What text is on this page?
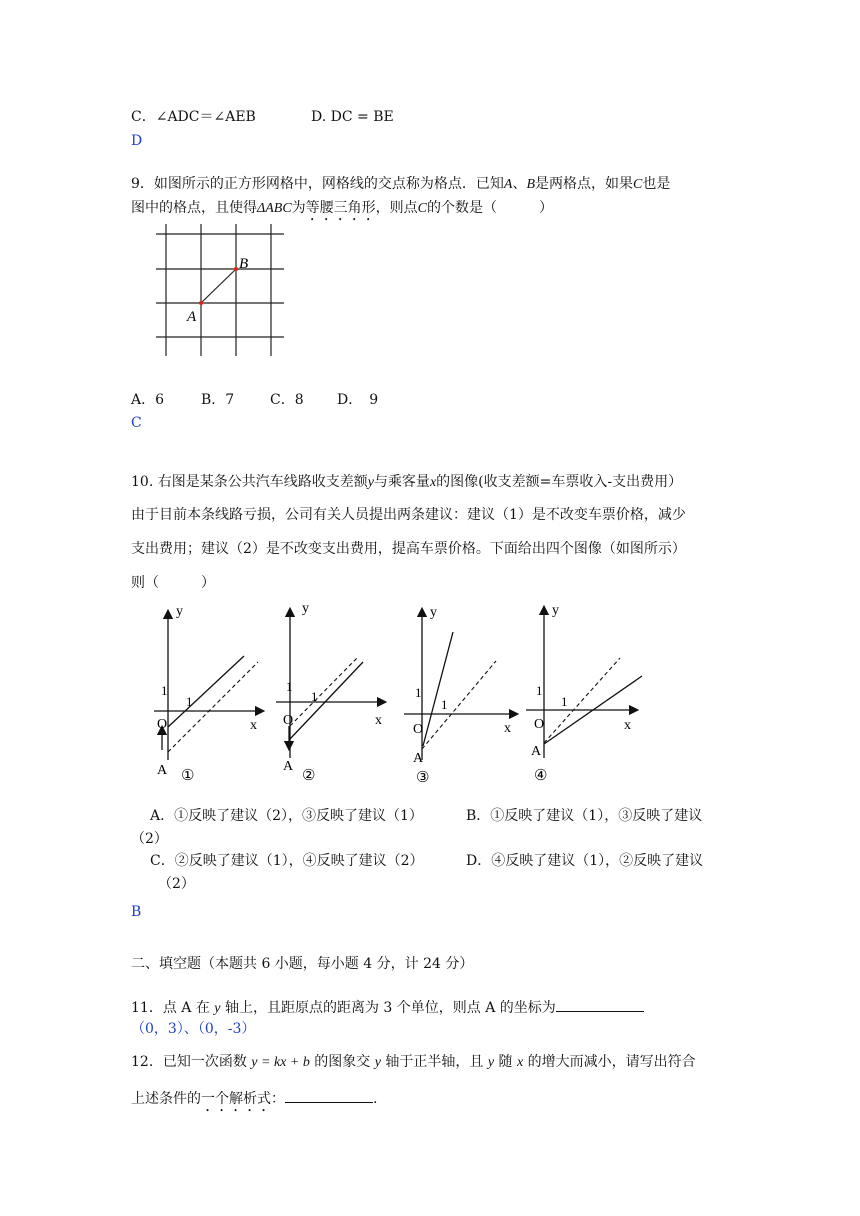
C．∠ADC＝∠AEB	D. DC = BE
D
9．如图所示的正方形网格中，网格线的交点称为格点．已知A、B是两格点，如果C也是
图中的格点，且使得ΔABC为等腰三角形，则点C的个数是（　　　）
A
B
A．6	B．7	C．8 D．　9
C
10. 右图是某条公共汽车线路收支差额y与乘客量x的图像(收支差额=车票收入-支出费用）
由于目前本条线路亏损，公司有关人员提出两条建议：建议（1）是不改变车票价格，减少
支出费用；建议（2）是不改变支出费用，提高车票价格。下面给出四个图像（如图所示）
则（　　　）
y
x
O
A
1
1
①
y
x
O
A
1
1
②
y
x
O
A
1
1
③
y
x
O
A
1
1
④
A．①反映了建议（2），③反映了建议（1）	B．①反映了建议（1），③反映了建议
（2）
C．②反映了建议（1），④反映了建议（2）	D．④反映了建议（1），②反映了建议
（2）
B
二、填空题（本题共 6 小题，每小题 4 分，计 24 分）
11．点 A 在 y 轴上，且距原点的距离为 3 个单位，则点 A 的坐标为
（0，3）、（0，-3）
12．已知一次函数 y = kx + b 的图象交 y 轴于正半轴，且 y 随 x 的增大而减小，请写出符合
上述条件的一个解析式：	.
